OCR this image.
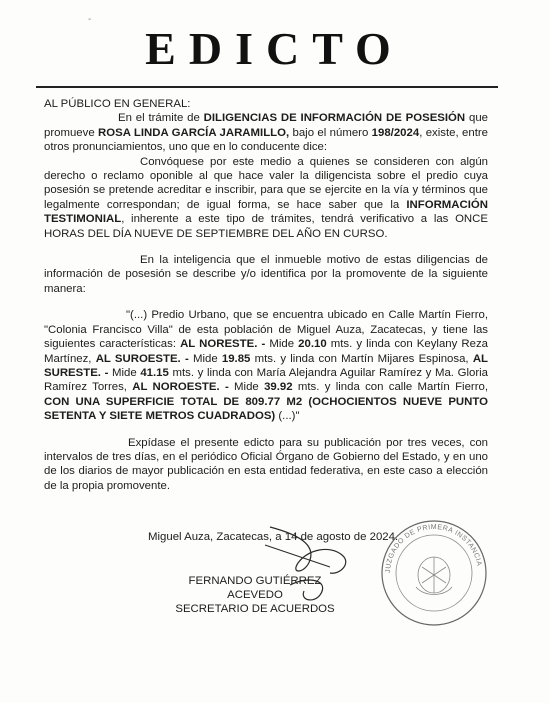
EDICTO
-

AL PÚBLICO EN GENERAL:

En el trámite de DILIGENCIAS DE INFORMACIÓN DE POSESIÓN que promueve ROSA LINDA GARCÍA JARAMILLO, bajo el número 198/2024, existe, entre otros pronunciamientos, uno que en lo conducente dice:

Convóquese por este medio a quienes se consideren con algún derecho o reclamo oponible al que hace valer la diligencista sobre el predio cuya posesión se pretende acreditar e inscribir, para que se ejercite en la vía y términos que legalmente correspondan; de igual forma, se hace saber que la INFORMACIÓN TESTIMONIAL, inherente a este tipo de trámites, tendrá verificativo a las ONCE HORAS DEL DÍA NUEVE DE SEPTIEMBRE DEL AÑO EN CURSO.

En la inteligencia que el inmueble motivo de estas diligencias de información de posesión se describe y/o identifica por la promovente de la siguiente manera:

"(...) Predio Urbano, que se encuentra ubicado en Calle Martín Fierro, "Colonia Francisco Villa" de esta población de Miguel Auza, Zacatecas, y tiene las siguientes características: AL NORESTE. - Mide 20.10 mts. y linda con Keylany Reza Martínez, AL SUROESTE. - Mide 19.85 mts. y linda con Martín Mijares Espinosa, AL SURESTE. - Mide 41.15 mts. y linda con María Alejandra Aguilar Ramírez y Ma. Gloria Ramírez Torres, AL NOROESTE. - Mide 39.92 mts. y linda con calle Martín Fierro, CON UNA SUPERFICIE TOTAL DE 809.77 M2 (OCHOCIENTOS NUEVE PUNTO SETENTA Y SIETE METROS CUADRADOS) (...)"

Expídase el presente edicto para su publicación por tres veces, con intervalos de tres días, en el periódico Oficial Órgano de Gobierno del Estado, y en uno de los diarios de mayor publicación en esta entidad federativa, en este caso a elección de la propia promovente.

Miguel Auza, Zacatecas, a 14 de agosto de 2024.
FERNANDO GUTIÉRREZ ACEVEDO
SECRETARIO DE ACUERDOS
JUZGADO DE PRIMERA INSTANCIA
